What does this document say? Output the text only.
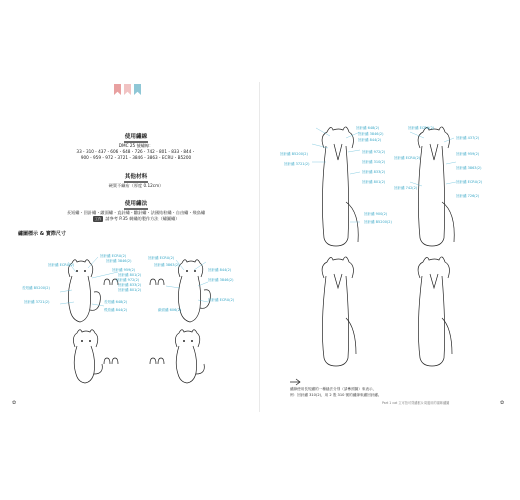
使用繡線
DMC 25 號繡線：
33・310・437・606・648・726・742・801・833・844・
900・959・972・3721・3846・3863・ECRU・B5200
其他材料
硬質不織布（厚度 0.12cm）
使用繡法
長短繡・回針繡・緞面繡・直針繡・雛針繡・法國結粒繡・自由繡・飛鳥繡
工作 請參考 P.35 刺繡的製作方法（繡圖繡）
繡圖標示 & 實際尺寸
回針繡 ECRU(2)
回針繡 3846(2)
回針繡 ECRU(2)
回針繡 959(2)
回針繡 801(2)
回針繡 972(2)
回針繡 833(2)
回針繡 801(2)
長短繡 B5200(2)
回針繡 3721(2)	長短繡 648(2)
飛鳥繡 844(2)
回針繡 ECRU(2)
回針繡 3863(2)
回針繡 844(2)
回針繡 3846(2)
回針繡 ECRU(2)
緞面繡 606(2)
✿
回針繡 648(2)	回針繡 ECRU(2)
回針繡 3846(2)
回針繡 844(2)	回針繡 437(2)
回針繡 B5200(2)	回針繡 972(2)
回針繡 3721(2)
回針繡 959(2)
回針繡 ECRU(2)
回針繡 310(2)
回針繡 3863(2)
回針繡 833(2)
回針繡 ECRU(2)
回針繡 801(2)
回針繡 742(2)
回針繡 726(2)
回針繡 900(2)
回針繡 B5200(2)
繡線使用長短繡的一種縫法分別（請參照圖）來表示，
例：回針繡 310(2)，用 2 股 310 號的繡線來繡回針繡。
Part 1 cat 立可拍可剪繡框＆周邊用的貓咪繡圖	✿
